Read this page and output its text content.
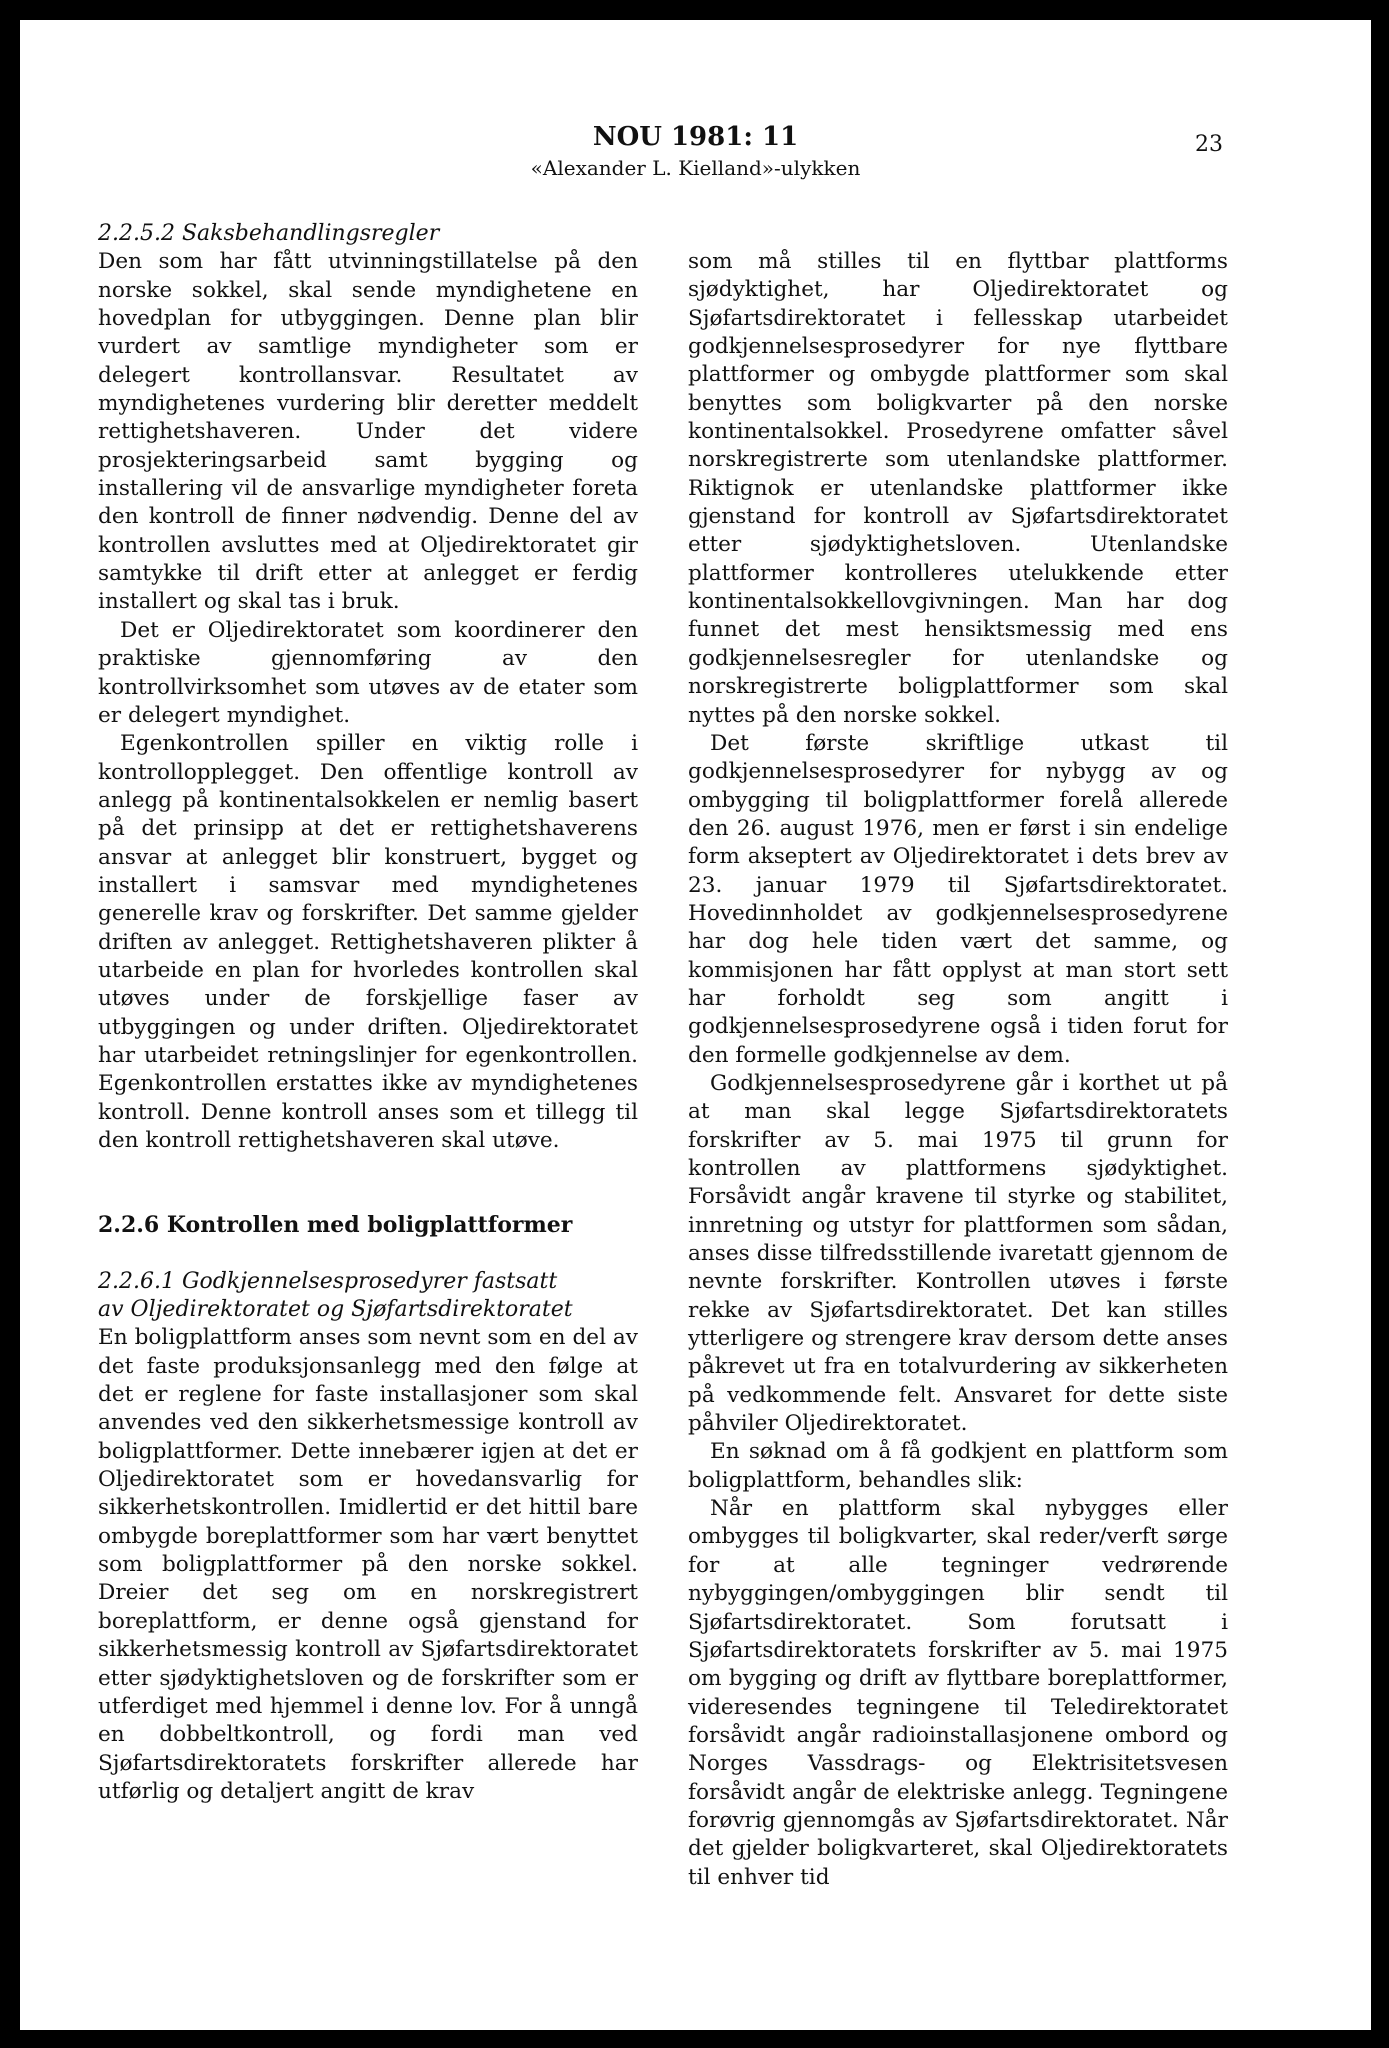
NOU 1981: 11
«Alexander L. Kielland»-ulykken
23
2.2.5.2 Saksbehandlingsregler

Den som har fått utvinningstillatelse på den norske sokkel, skal sende myndighetene en hovedplan for utbyggingen. Denne plan blir vurdert av samtlige myndigheter som er delegert kontrollansvar. Resultatet av myndighetenes vurdering blir deretter meddelt rettighetshaveren. Under det videre prosjekteringsarbeid samt bygging og installering vil de ansvarlige myndigheter foreta den kontroll de finner nødvendig. Denne del av kontrollen avsluttes med at Oljedirektoratet gir samtykke til drift etter at anlegget er ferdig installert og skal tas i bruk.

Det er Oljedirektoratet som koordinerer den praktiske gjennomføring av den kontrollvirksomhet som utøves av de etater som er delegert myndighet.

Egenkontrollen spiller en viktig rolle i kontrollopplegget. Den offentlige kontroll av anlegg på kontinentalsokkelen er nemlig basert på det prinsipp at det er rettighetshaverens ansvar at anlegget blir konstruert, bygget og installert i samsvar med myndighetenes generelle krav og forskrifter. Det samme gjelder driften av anlegget. Rettighetshaveren plikter å utarbeide en plan for hvorledes kontrollen skal utøves under de forskjellige faser av utbyggingen og under driften. Oljedirektoratet har utarbeidet retningslinjer for egenkontrollen. Egenkontrollen erstattes ikke av myndighetenes kontroll. Denne kontroll anses som et tillegg til den kontroll rettighetshaveren skal utøve.

2.2.6 Kontrollen med boligplattformer
2.2.6.1 Godkjennelsesprosedyrer fastsatt
av Oljedirektoratet og Sjøfartsdirektoratet

En boligplattform anses som nevnt som en del av det faste produksjonsanlegg med den følge at det er reglene for faste installasjoner som skal anvendes ved den sikkerhetsmessige kontroll av boligplattformer. Dette innebærer igjen at det er Oljedirektoratet som er hovedansvarlig for sikkerhetskontrollen. Imidlertid er det hittil bare ombygde boreplattformer som har vært benyttet som boligplattformer på den norske sokkel. Dreier det seg om en norskregistrert boreplattform, er denne også gjenstand for sikkerhetsmessig kontroll av Sjøfartsdirektoratet etter sjødyktighetsloven og de forskrifter som er utferdiget med hjemmel i denne lov. For å unngå en dobbeltkontroll, og fordi man ved Sjøfartsdirektoratets forskrifter allerede har utførlig og detaljert angitt de krav

som må stilles til en flyttbar plattforms sjødyktighet, har Oljedirektoratet og Sjøfartsdirektoratet i fellesskap utarbeidet godkjennelsesprosedyrer for nye flyttbare plattformer og ombygde plattformer som skal benyttes som boligkvarter på den norske kontinentalsokkel. Prosedyrene omfatter såvel norskregistrerte som utenlandske plattformer. Riktignok er utenlandske plattformer ikke gjenstand for kontroll av Sjøfartsdirektoratet etter sjødyktighetsloven. Utenlandske plattformer kontrolleres utelukkende etter kontinentalsokkellovgivningen. Man har dog funnet det mest hensiktsmessig med ens godkjennelsesregler for utenlandske og norskregistrerte boligplattformer som skal nyttes på den norske sokkel.

Det første skriftlige utkast til godkjennelsesprosedyrer for nybygg av og ombygging til boligplattformer forelå allerede den 26. august 1976, men er først i sin endelige form akseptert av Oljedirektoratet i dets brev av 23. januar 1979 til Sjøfartsdirektoratet. Hovedinnholdet av godkjennelsesprosedyrene har dog hele tiden vært det samme, og kommisjonen har fått opplyst at man stort sett har forholdt seg som angitt i godkjennelsesprosedyrene også i tiden forut for den formelle godkjennelse av dem.

Godkjennelsesprosedyrene går i korthet ut på at man skal legge Sjøfartsdirektoratets forskrifter av 5. mai 1975 til grunn for kontrollen av plattformens sjødyktighet. Forsåvidt angår kravene til styrke og stabilitet, innretning og utstyr for plattformen som sådan, anses disse tilfredsstillende ivaretatt gjennom de nevnte forskrifter. Kontrollen utøves i første rekke av Sjøfartsdirektoratet. Det kan stilles ytterligere og strengere krav dersom dette anses påkrevet ut fra en totalvurdering av sikkerheten på vedkommende felt. Ansvaret for dette siste påhviler Oljedirektoratet.

En søknad om å få godkjent en plattform som boligplattform, behandles slik:

Når en plattform skal nybygges eller ombygges til boligkvarter, skal reder/verft sørge for at alle tegninger vedrørende nybyggingen/ombyggingen blir sendt til Sjøfartsdirektoratet. Som forutsatt i Sjøfartsdirektoratets forskrifter av 5. mai 1975 om bygging og drift av flyttbare boreplattformer, videresendes tegningene til Teledirektoratet forsåvidt angår radioinstallasjonene ombord og Norges Vassdrags- og Elektrisitetsvesen forsåvidt angår de elektriske anlegg. Tegningene forøvrig gjennomgås av Sjøfartsdirektoratet. Når det gjelder boligkvarteret, skal Oljedirektoratets til enhver tid
